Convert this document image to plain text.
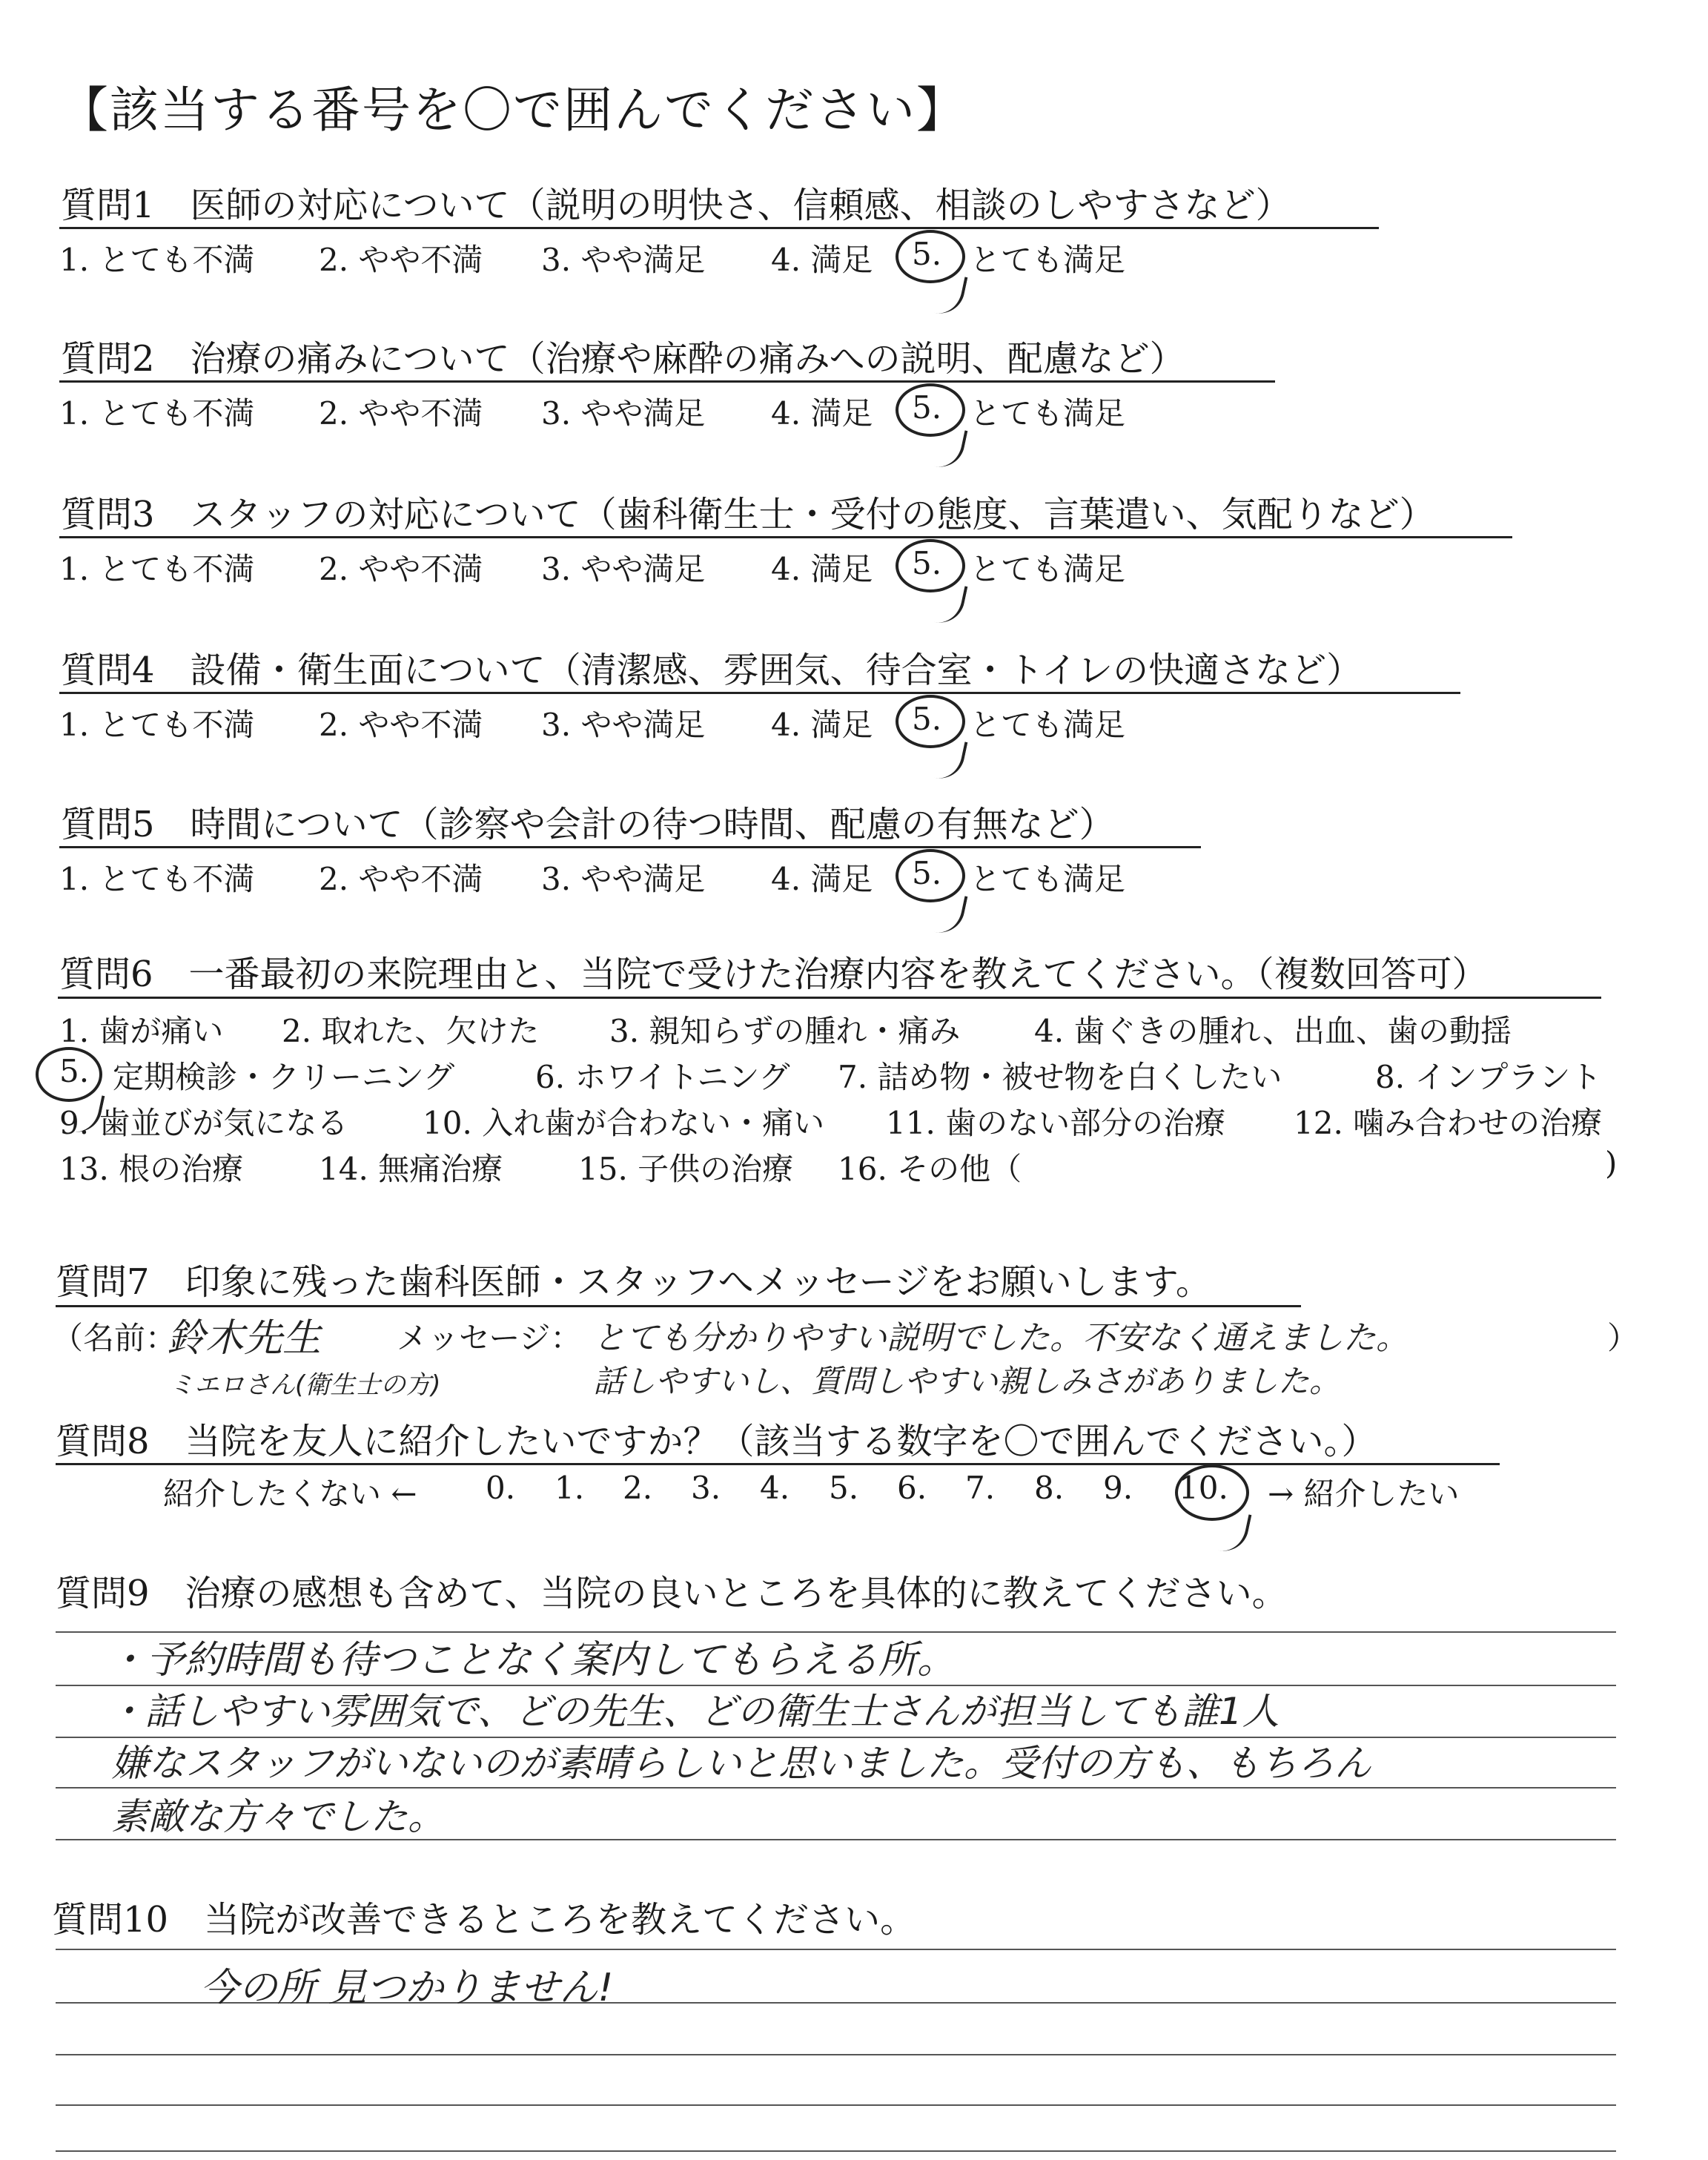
【該当する番号を〇で囲んでください】
質問1　医師の対応について（説明の明快さ、信頼感、相談のしやすさなど）
1. とても不満 2. やや不満 3. やや満足 4. 満足 5. とても満足
質問2　治療の痛みについて（治療や麻酔の痛みへの説明、配慮など）
1. とても不満 2. やや不満 3. やや満足 4. 満足 5. とても満足
質問3　スタッフの対応について（歯科衛生士・受付の態度、言葉遣い、気配りなど）
1. とても不満 2. やや不満 3. やや満足 4. 満足 5. とても満足
質問4　設備・衛生面について（清潔感、雰囲気、待合室・トイレの快適さなど）
1. とても不満 2. やや不満 3. やや満足 4. 満足 5. とても満足
質問5　時間について（診察や会計の待つ時間、配慮の有無など）
1. とても不満 2. やや不満 3. やや満足 4. 満足 5. とても満足
質問6　一番最初の来院理由と、当院で受けた治療内容を教えてください。（複数回答可）
1. 歯が痛い 2. 取れた、欠けた 3. 親知らずの腫れ・痛み 4. 歯ぐきの腫れ、出血、歯の動揺
5. 定期検診・クリーニング	6. ホワイトニング 7. 詰め物・被せ物を白くしたい	8. インプラント
9. 歯並びが気になる 10. 入れ歯が合わない・痛い 11. 歯のない部分の治療 12. 噛み合わせの治療
13. 根の治療 14. 無痛治療 15. 子供の治療 16. その他（	)
質問7　印象に残った歯科医師・スタッフへメッセージをお願いします。
（名前：
鈴木先生 メッセージ： とても分かりやすい説明でした。不安なく通えました。	）
ミエロさん(衛生士の方)	話しやすいし、質問しやすい親しみさがありました。
質問8　当院を友人に紹介したいですか？（該当する数字を〇で囲んでください。）
紹介したくない ← 0. 1. 2. 3. 4. 5. 6. 7. 8. 9. 10. → 紹介したい
質問9　治療の感想も含めて、当院の良いところを具体的に教えてください。
・予約時間も待つことなく案内してもらえる所。
・話しやすい雰囲気で、どの先生、どの衛生士さんが担当しても誰1人
嫌なスタッフがいないのが素晴らしいと思いました。受付の方も、もちろん
素敵な方々でした。
質問10　当院が改善できるところを教えてください。
今の所 見つかりません!
